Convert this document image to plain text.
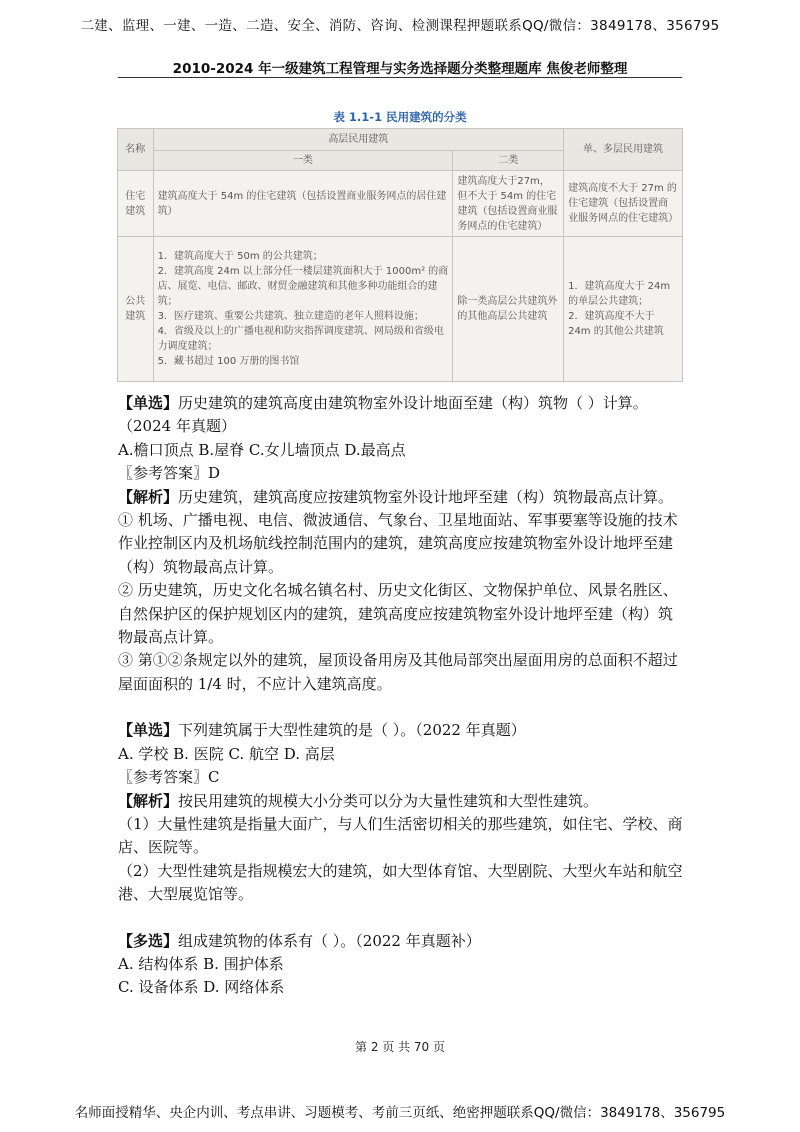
二建、监理、一建、一造、二造、安全、消防、咨询、检测课程押题联系QQ/微信：3849178、356795
2010-2024 年一级建筑工程管理与实务选择题分类整理题库 焦俊老师整理
表 1.1-1 民用建筑的分类
名称	高层民用建筑		单、多层民用建筑
	一类	二类	
住宅建筑	建筑高度大于 54m 的住宅建筑（包括设置商业服务网点的居住建筑）	建筑高度大于27m，但不大于 54m 的住宅建筑（包括设置商业服务网点的住宅建筑）	建筑高度不大于 27m 的住宅建筑（包括设置商业服务网点的住宅建筑）
公共建筑	1．建筑高度大于 50m 的公共建筑；
2．建筑高度 24m 以上部分任一楼层建筑面积大于 1000m² 的商店、展览、电信、邮政、财贸金融建筑和其他多种功能组合的建筑；
3．医疗建筑、重要公共建筑、独立建造的老年人照料设施；
4．省级及以上的广播电视和防灾指挥调度建筑、网局级和省级电力调度建筑；
5．藏书超过 100 万册的图书馆	除一类高层公共建筑外的其他高层公共建筑	1．建筑高度大于 24m 的单层公共建筑；
2．建筑高度不大于 24m 的其他公共建筑

【单选】历史建筑的建筑高度由建筑物室外设计地面至建（构）筑物（ ）计算。（2024 年真题）

A.檐口顶点 B.屋脊 C.女儿墙顶点 D.最高点

〖参考答案〗D

【解析】历史建筑，建筑高度应按建筑物室外设计地坪至建（构）筑物最高点计算。

① 机场、广播电视、电信、微波通信、气象台、卫星地面站、军事要塞等设施的技术作业控制区内及机场航线控制范围内的建筑，建筑高度应按建筑物室外设计地坪至建（构）筑物最高点计算。

② 历史建筑，历史文化名城名镇名村、历史文化街区、文物保护单位、风景名胜区、自然保护区的保护规划区内的建筑，建筑高度应按建筑物室外设计地坪至建（构）筑物最高点计算。

③ 第①②条规定以外的建筑，屋顶设备用房及其他局部突出屋面用房的总面积不超过屋面面积的 1/4 时，不应计入建筑高度。

【单选】下列建筑属于大型性建筑的是（ ）。（2022 年真题）

A. 学校 B. 医院 C. 航空 D. 高层

〖参考答案〗C

【解析】按民用建筑的规模大小分类可以分为大量性建筑和大型性建筑。

（1）大量性建筑是指量大面广，与人们生活密切相关的那些建筑，如住宅、学校、商店、医院等。

（2）大型性建筑是指规模宏大的建筑，如大型体育馆、大型剧院、大型火车站和航空港、大型展览馆等。

【多选】组成建筑物的体系有（ ）。（2022 年真题补）

A. 结构体系 B. 围护体系

C. 设备体系 D. 网络体系

第 2 页 共 70 页
名师面授精华、央企内训、考点串讲、习题模考、考前三页纸、绝密押题联系QQ/微信：3849178、356795
